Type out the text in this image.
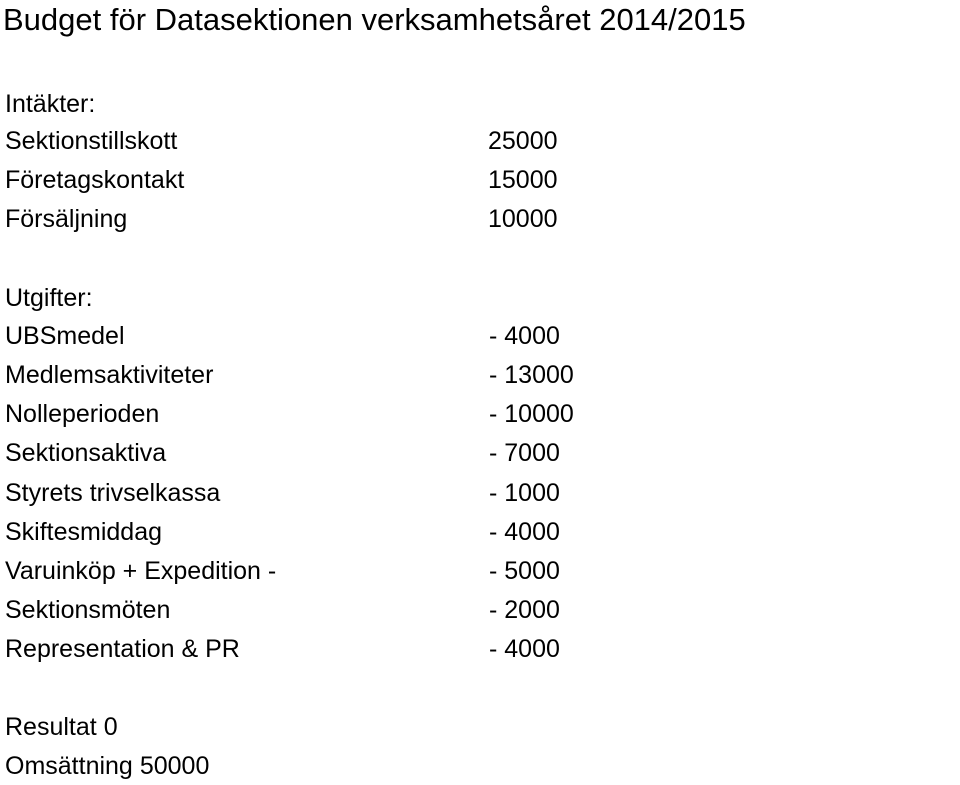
Budget för Datasektionen verksamhetsåret 2014/2015
Intäkter:
Sektionstillskott	25000
Företagskontakt	15000
Försäljning	10000
Utgifter:
UBSmedel	- 4000
Medlemsaktiviteter	- 13000
Nolleperioden	- 10000
Sektionsaktiva	- 7000
Styrets trivselkassa	- 1000
Skiftesmiddag	- 4000
Varuinköp + Expedition -	- 5000
Sektionsmöten	- 2000
Representation & PR	- 4000
Resultat 0
Omsättning 50000
